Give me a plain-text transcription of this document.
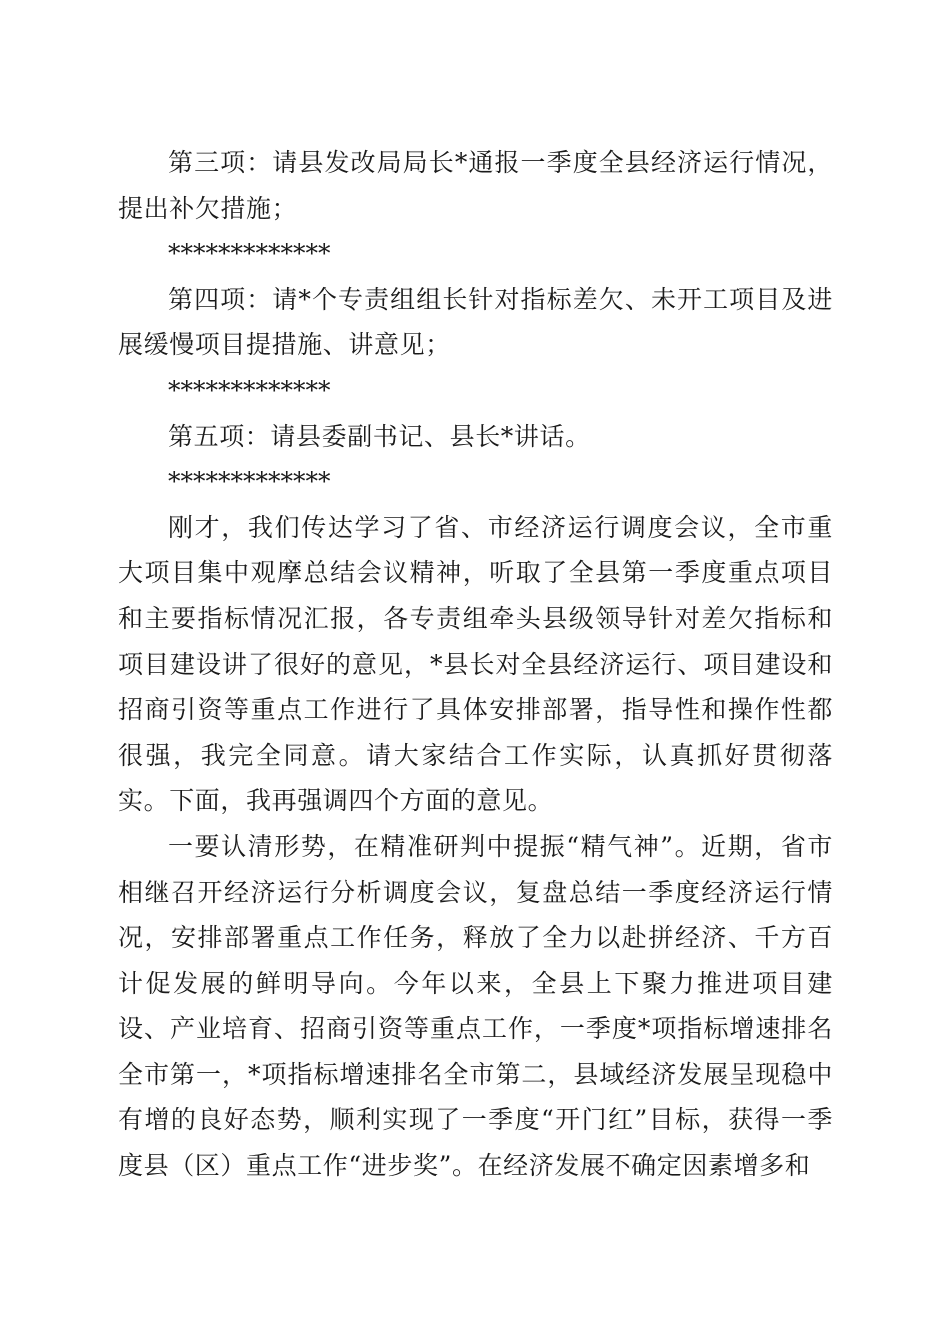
第三项：请县发改局局长*通报一季度全县经济运行情况，提出补欠措施；

*************

第四项：请*个专责组组长针对指标差欠、未开工项目及进展缓慢项目提措施、讲意见；

*************

第五项：请县委副书记、县长*讲话。

*************

刚才，我们传达学习了省、市经济运行调度会议，全市重大项目集中观摩总结会议精神，听取了全县第一季度重点项目和主要指标情况汇报，各专责组牵头县级领导针对差欠指标和项目建设讲了很好的意见，*县长对全县经济运行、项目建设和招商引资等重点工作进行了具体安排部署，指导性和操作性都很强，我完全同意。请大家结合工作实际，认真抓好贯彻落实。下面，我再强调四个方面的意见。

一要认清形势，在精准研判中提振“精气神”。近期，省市相继召开经济运行分析调度会议，复盘总结一季度经济运行情况，安排部署重点工作任务，释放了全力以赴拼经济、千方百计促发展的鲜明导向。今年以来，全县上下聚力推进项目建设、产业培育、招商引资等重点工作，一季度*项指标增速排名全市第一，*项指标增速排名全市第二，县域经济发展呈现稳中有增的良好态势，顺利实现了一季度“开门红”目标，获得一季度县（区）重点工作“进步奖”。在经济发展不确定因素增多和
